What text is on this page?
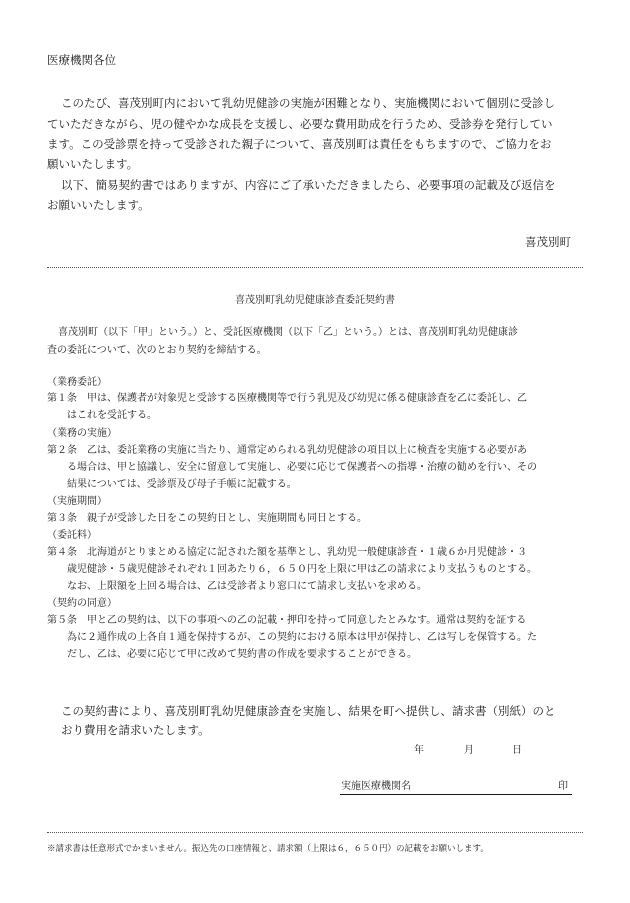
医療機関各位

このたび、喜茂別町内において乳幼児健診の実施が困難となり、実施機関において個別に受診し

ていただきながら、児の健やかな成長を支援し、必要な費用助成を行うため、受診券を発行してい

ます。この受診票を持って受診された親子について、喜茂別町は責任をもちますので、ご協力をお

願いいたします。

以下、簡易契約書ではありますが、内容にご了承いただきましたら、必要事項の記載及び返信を

お願いいたします。

喜茂別町

喜茂別町乳幼児健康診査委託契約書

喜茂別町（以下「甲」という。）と、受託医療機関（以下「乙」という。）とは、喜茂別町乳幼児健康診

査の委託について、次のとおり契約を締結する。

（業務委託）

第１条　甲は、保護者が対象児と受診する医療機関等で行う乳児及び幼児に係る健康診査を乙に委託し、乙

　　はこれを受託する。

（業務の実施）

第２条　乙は、委託業務の実施に当たり、通常定められる乳幼児健診の項目以上に検査を実施する必要があ

　　る場合は、甲と協議し、安全に留意して実施し、必要に応じて保護者への指導・治療の勧めを行い、その

　　結果については、受診票及び母子手帳に記載する。

（実施期間）

第３条　親子が受診した日をこの契約日とし、実施期間も同日とする。

（委託料）

第４条　北海道がとりまとめる協定に記された額を基準とし、乳幼児一般健康診査・１歳６か月児健診・３

　　歳児健診・５歳児健診それぞれ１回あたり６，６５０円を上限に甲は乙の請求により支払うものとする。

　　なお、上限額を上回る場合は、乙は受診者より窓口にて請求し支払いを求める。

（契約の同意）

第５条　甲と乙の契約は、以下の事項への乙の記載・押印を持って同意したとみなす。通常は契約を証する

　　為に２通作成の上各自１通を保持するが、この契約における原本は甲が保持し、乙は写しを保管する。た

　　だし、乙は、必要に応じて甲に改めて契約書の作成を要求することができる。

この契約書により、喜茂別町乳幼児健康診査を実施し、結果を町へ提供し、請求書（別紙）のと

おり費用を請求いたします。

年	月	日
実施医療機関名	印

※請求書は任意形式でかまいません。振込先の口座情報と、請求額（上限は６，６５０円）の記載をお願いします。
